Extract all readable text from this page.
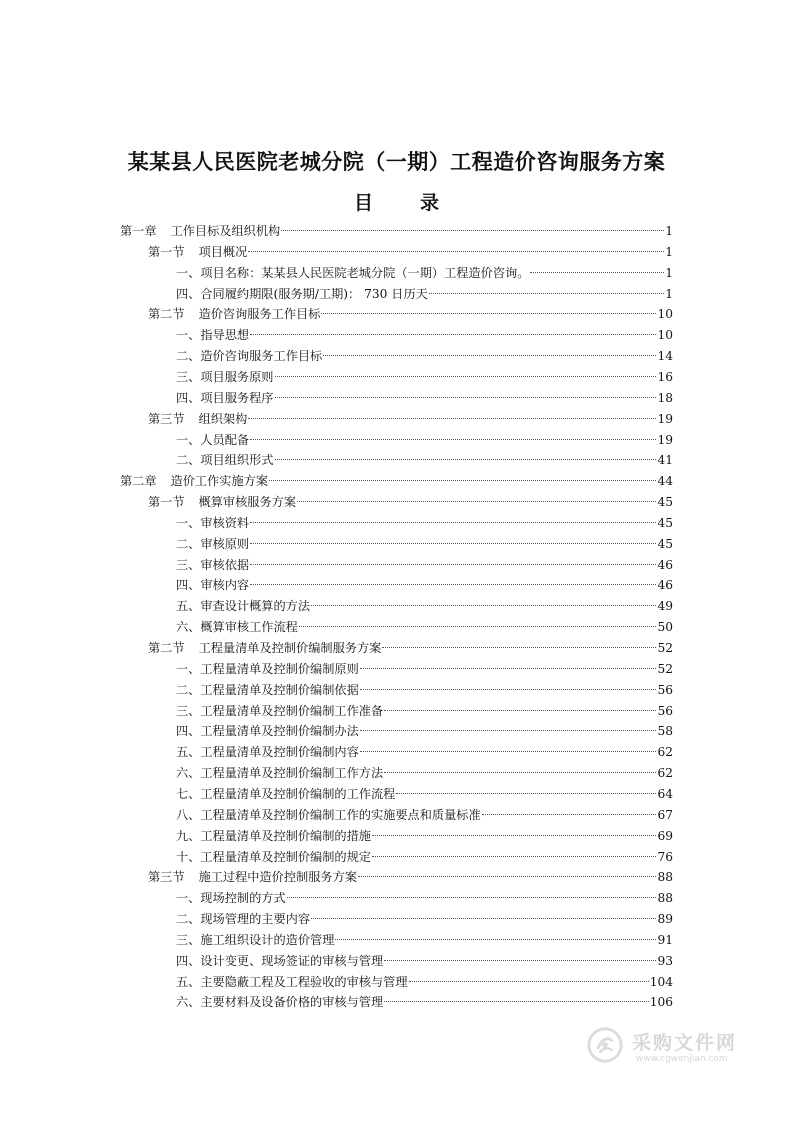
某某县人民医院老城分院（一期）工程造价咨询服务方案
目　录
第一章 工作目标及组织机构	1
第一节 项目概况	1
一、项目名称：某某县人民医院老城分院（一期）工程造价咨询。	1
四、合同履约期限(服务期/工期)： 730 日历天	1
第二节 造价咨询服务工作目标	10
一、指导思想	10
二、造价咨询服务工作目标	14
三、项目服务原则	16
四、项目服务程序	18
第三节 组织架构	19
一、人员配备	19
二、项目组织形式	41
第二章 造价工作实施方案	44
第一节 概算审核服务方案	45
一、审核资料	45
二、审核原则	45
三、审核依据	46
四、审核内容	46
五、审查设计概算的方法	49
六、概算审核工作流程	50
第二节 工程量清单及控制价编制服务方案	52
一、工程量清单及控制价编制原则	52
二、工程量清单及控制价编制依据	56
三、工程量清单及控制价编制工作准备	56
四、工程量清单及控制价编制办法	58
五、工程量清单及控制价编制内容	62
六、工程量清单及控制价编制工作方法	62
七、工程量清单及控制价编制的工作流程	64
八、工程量清单及控制价编制工作的实施要点和质量标准	67
九、工程量清单及控制价编制的措施	69
十、工程量清单及控制价编制的规定	76
第三节 施工过程中造价控制服务方案	88
一、现场控制的方式	88
二、现场管理的主要内容	89
三、施工组织设计的造价管理	91
四、设计变更、现场签证的审核与管理	93
五、主要隐蔽工程及工程验收的审核与管理	104
六、主要材料及设备价格的审核与管理	106
采购文件网
www.cgwenjian.com
